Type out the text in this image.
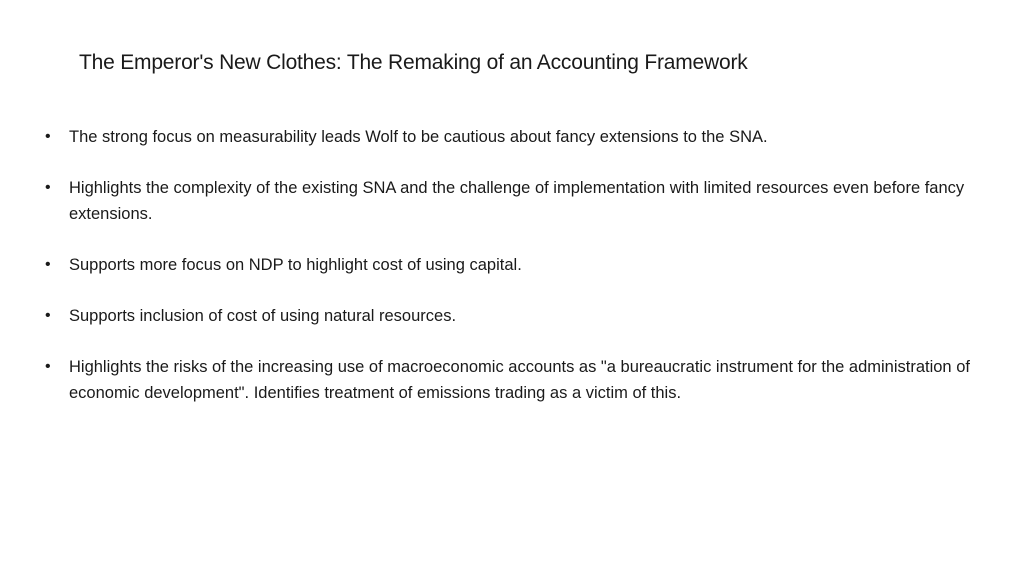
The Emperor's New Clothes: The Remaking of an Accounting Framework
•	The strong focus on measurability leads Wolf to be cautious about fancy extensions to the SNA.
•	Highlights the complexity of the existing SNA and the challenge of implementation with limited resources even before fancy extensions.
•	Supports more focus on NDP to highlight cost of using capital.
•	Supports inclusion of cost of using natural resources.
•	Highlights the risks of the increasing use of macroeconomic accounts as "a bureaucratic instrument for the administration of economic development". Identifies treatment of emissions trading as a victim of this.
